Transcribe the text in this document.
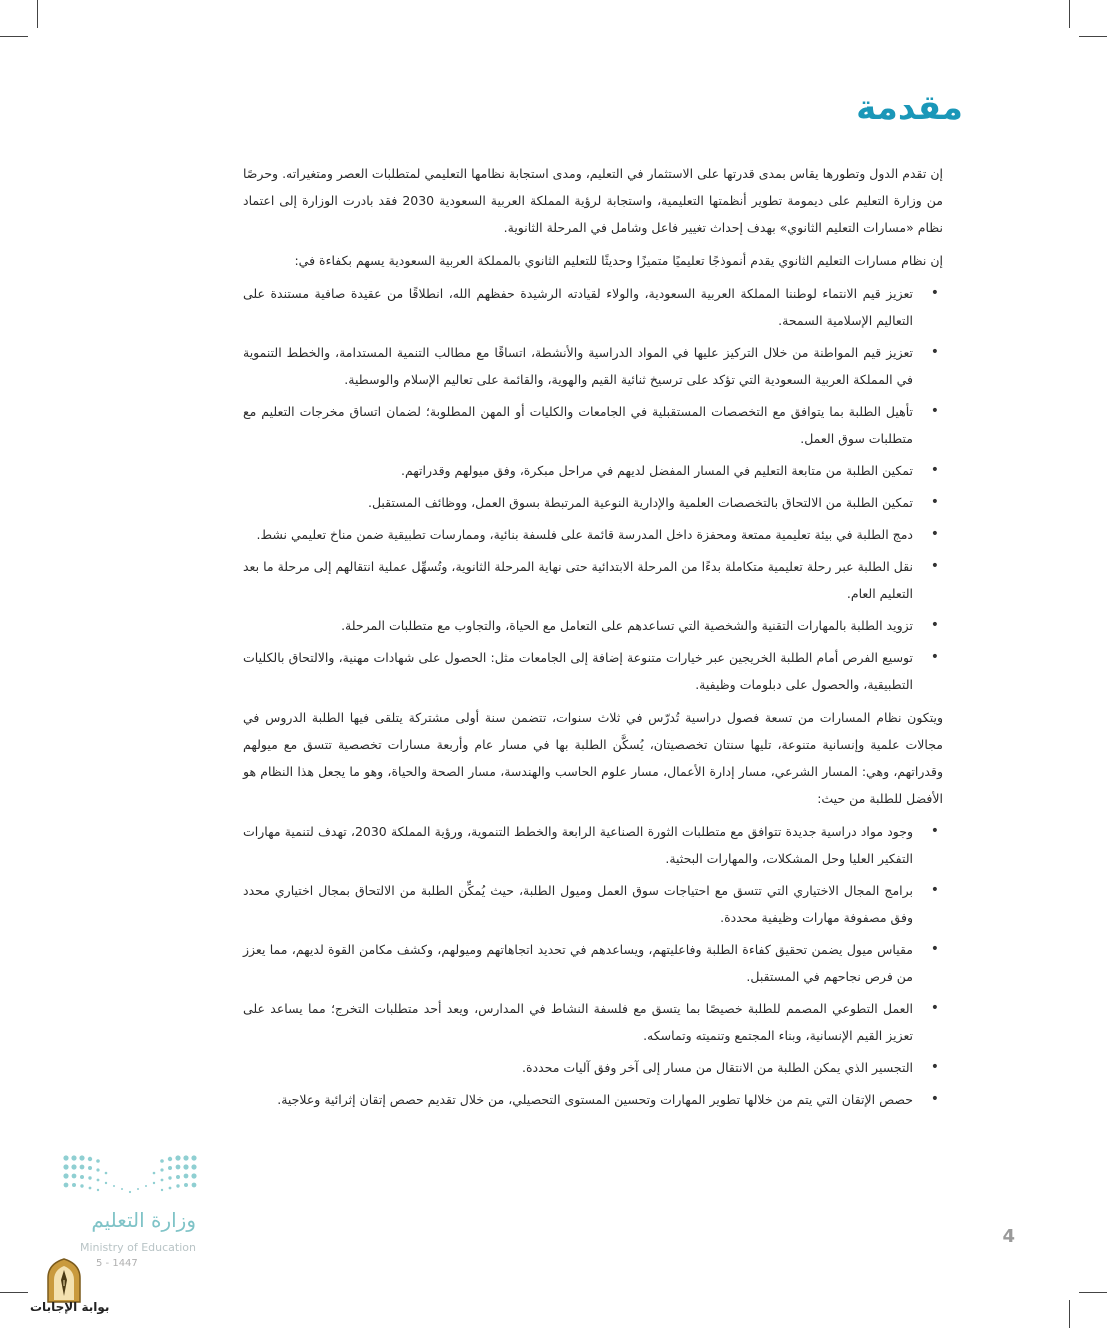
مقدمة

إن تقدم الدول وتطورها يقاس بمدى قدرتها على الاستثمار في التعليم، ومدى استجابة نظامها التعليمي لمتطلبات العصر ومتغيراته. وحرصًا من وزارة التعليم على ديمومة تطوير أنظمتها التعليمية، واستجابة لرؤية المملكة العربية السعودية 2030 فقد بادرت الوزارة إلى اعتماد نظام «مسارات التعليم الثانوي» بهدف إحداث تغيير فاعل وشامل في المرحلة الثانوية.

إن نظام مسارات التعليم الثانوي يقدم أنموذجًا تعليميًا متميزًا وحديثًا للتعليم الثانوي بالمملكة العربية السعودية يسهم بكفاءة في:

•
تعزيز قيم الانتماء لوطننا المملكة العربية السعودية، والولاء لقيادته الرشيدة حفظهم الله، انطلاقًا من عقيدة صافية مستندة على التعاليم الإسلامية السمحة.
•
تعزيز قيم المواطنة من خلال التركيز عليها في المواد الدراسية والأنشطة، اتساقًا مع مطالب التنمية المستدامة، والخطط التنموية في المملكة العربية السعودية التي تؤكد على ترسيخ ثنائية القيم والهوية، والقائمة على تعاليم الإسلام والوسطية.
•
تأهيل الطلبة بما يتوافق مع التخصصات المستقبلية في الجامعات والكليات أو المهن المطلوبة؛ لضمان اتساق مخرجات التعليم مع متطلبات سوق العمل.
•
تمكين الطلبة من متابعة التعليم في المسار المفضل لديهم في مراحل مبكرة، وفق ميولهم وقدراتهم.
•
تمكين الطلبة من الالتحاق بالتخصصات العلمية والإدارية النوعية المرتبطة بسوق العمل، ووظائف المستقبل.
•
دمج الطلبة في بيئة تعليمية ممتعة ومحفزة داخل المدرسة قائمة على فلسفة بنائية، وممارسات تطبيقية ضمن مناخ تعليمي نشط.
•
نقل الطلبة عبر رحلة تعليمية متكاملة بدءًا من المرحلة الابتدائية حتى نهاية المرحلة الثانوية، وتُسهِّل عملية انتقالهم إلى مرحلة ما بعد التعليم العام.
•
تزويد الطلبة بالمهارات التقنية والشخصية التي تساعدهم على التعامل مع الحياة، والتجاوب مع متطلبات المرحلة.
•
توسيع الفرص أمام الطلبة الخريجين عبر خيارات متنوعة إضافة إلى الجامعات مثل: الحصول على شهادات مهنية، والالتحاق بالكليات التطبيقية، والحصول على دبلومات وظيفية.

ويتكون نظام المسارات من تسعة فصول دراسية تُدرّس في ثلاث سنوات، تتضمن سنة أولى مشتركة يتلقى فيها الطلبة الدروس في مجالات علمية وإنسانية متنوعة، تليها سنتان تخصصيتان، يُسكَّن الطلبة بها في مسار عام وأربعة مسارات تخصصية تتسق مع ميولهم وقدراتهم، وهي: المسار الشرعي، مسار إدارة الأعمال، مسار علوم الحاسب والهندسة، مسار الصحة والحياة، وهو ما يجعل هذا النظام هو الأفضل للطلبة من حيث:

•
وجود مواد دراسية جديدة تتوافق مع متطلبات الثورة الصناعية الرابعة والخطط التنموية، ورؤية المملكة 2030، تهدف لتنمية مهارات التفكير العليا وحل المشكلات، والمهارات البحثية.
•
برامج المجال الاختياري التي تتسق مع احتياجات سوق العمل وميول الطلبة، حيث يُمكِّن الطلبة من الالتحاق بمجال اختياري محدد وفق مصفوفة مهارات وظيفية محددة.
•
مقياس ميول يضمن تحقيق كفاءة الطلبة وفاعليتهم، ويساعدهم في تحديد اتجاهاتهم وميولهم، وكشف مكامن القوة لديهم، مما يعزز من فرص نجاحهم في المستقبل.
•
العمل التطوعي المصمم للطلبة خصيصًا بما يتسق مع فلسفة النشاط في المدارس، ويعد أحد متطلبات التخرج؛ مما يساعد على تعزيز القيم الإنسانية، وبناء المجتمع وتنميته وتماسكه.
•
التجسير الذي يمكن الطلبة من الانتقال من مسار إلى آخر وفق آليات محددة.
•
حصص الإتقان التي يتم من خلالها تطوير المهارات وتحسين المستوى التحصيلي، من خلال تقديم حصص إتقان إثرائية وعلاجية.
وزارة التعليم
Ministry of Education
5 - 1447
بوابة الإجابات
4
